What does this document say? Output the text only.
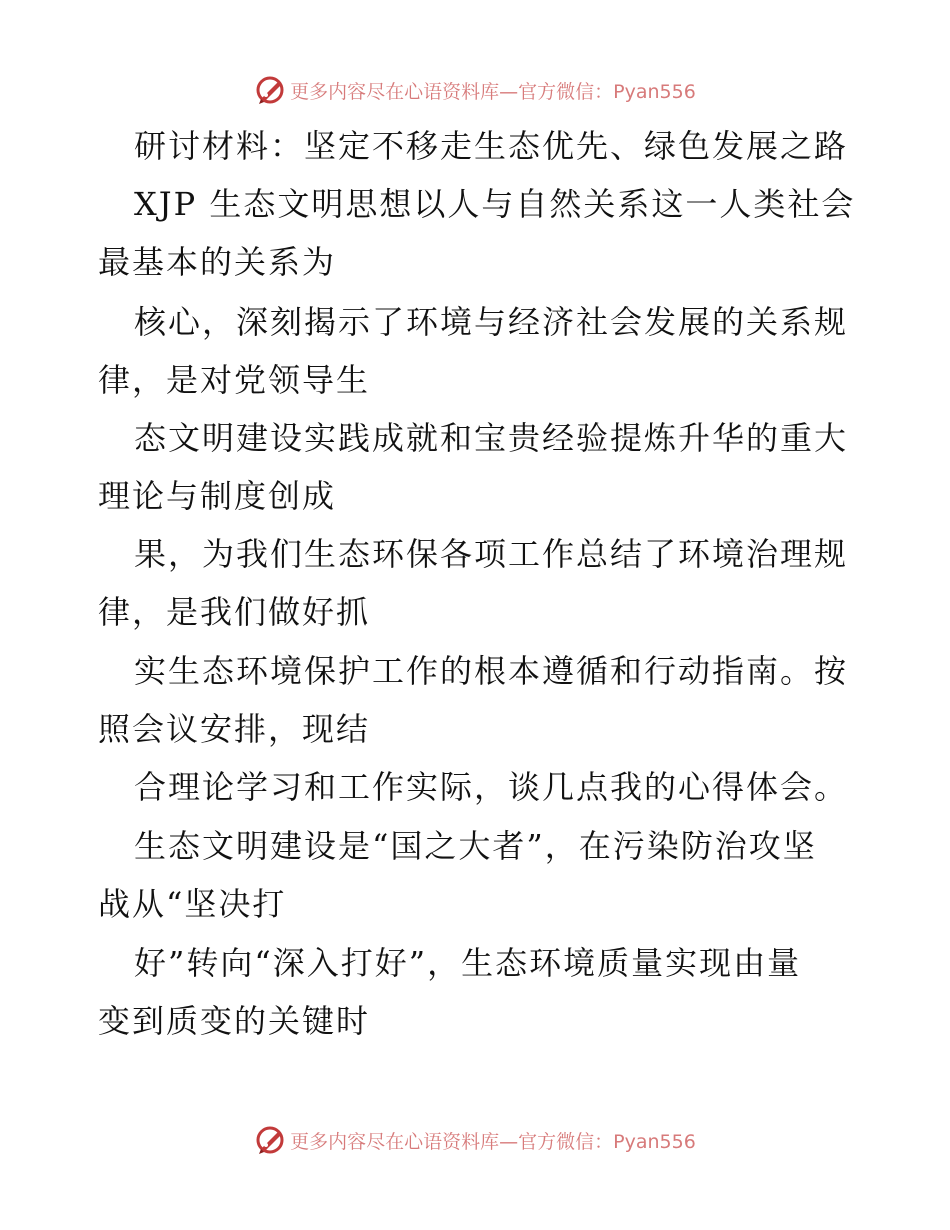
更多内容尽在心语资料库—官方微信：Pyan556
研讨材料：坚定不移走生态优先、绿色发展之路
XJP 生态文明思想以人与自然关系这一人类社会
最基本的关系为
核心，深刻揭示了环境与经济社会发展的关系规
律，是对党领导生
态文明建设实践成就和宝贵经验提炼升华的重大
理论与制度创成
果，为我们生态环保各项工作总结了环境治理规
律，是我们做好抓
实生态环境保护工作的根本遵循和行动指南。按
照会议安排，现结
合理论学习和工作实际，谈几点我的心得体会。
生态文明建设是“国之大者”，在污染防治攻坚
战从“坚决打
好”转向“深入打好”，生态环境质量实现由量
变到质变的关键时
更多内容尽在心语资料库—官方微信：Pyan556
